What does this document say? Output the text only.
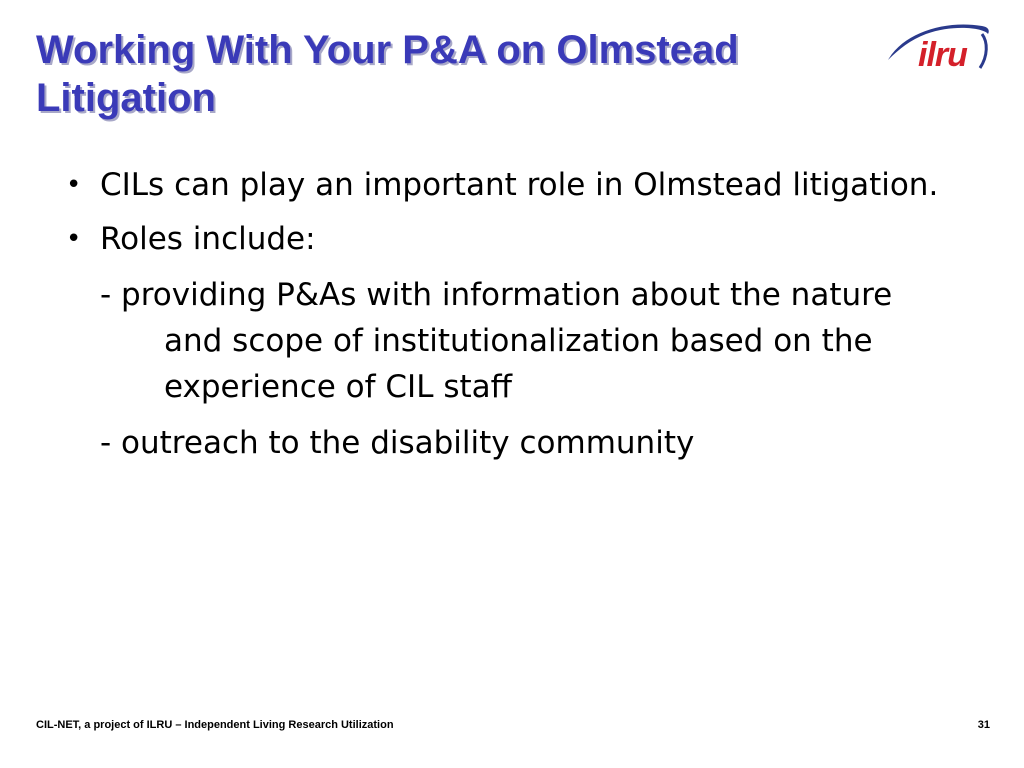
Working With Your P&A on Olmstead
Litigation
ilru
• CILs can play an important role in Olmstead litigation.
• Roles include:
- providing P&As with information about the nature and scope of institutionalization based on the experience of CIL staff
- outreach to the disability community
CIL-NET, a project of ILRU – Independent Living Research Utilization	31
